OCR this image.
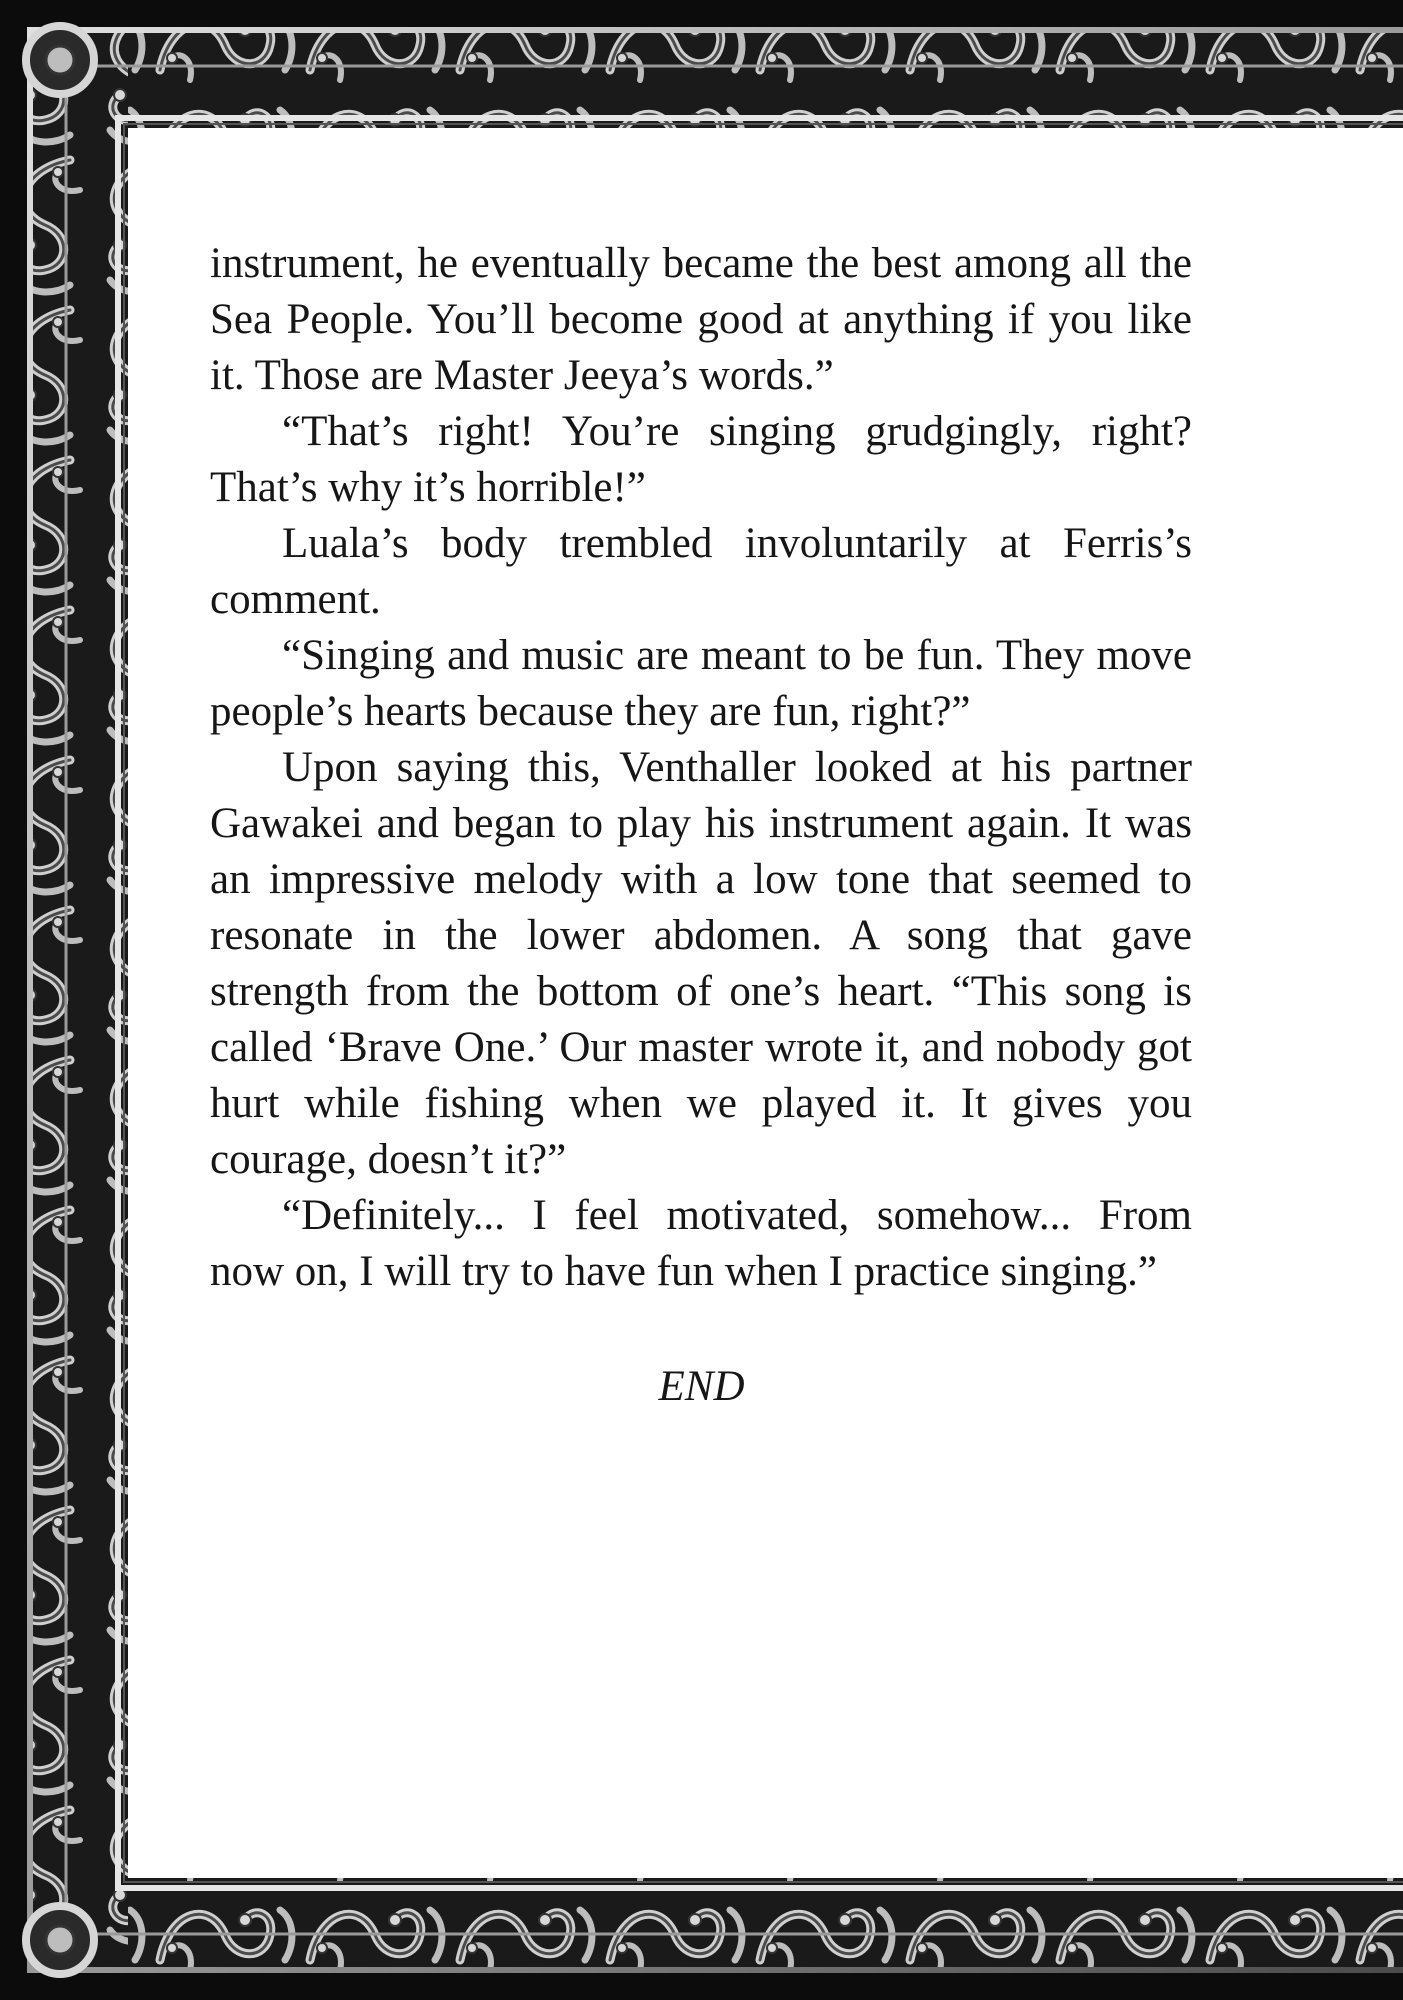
instrument, he eventually became the best among all the Sea People. You’ll become good at anything if you like it. Those are Master Jeeya’s words.”

“That’s right! You’re singing grudgingly, right? That’s why it’s horrible!”

Luala’s body trembled involuntarily at Ferris’s comment.

“Singing and music are meant to be fun. They move people’s hearts because they are fun, right?”

Upon saying this, Venthaller looked at his partner Gawakei and began to play his instrument again. It was an impressive melody with a low tone that seemed to resonate in the lower abdomen. A song that gave strength from the bottom of one’s heart. “This song is called ‘Brave One.’ Our master wrote it, and nobody got hurt while fishing when we played it. It gives you courage, doesn’t it?”

“Definitely... I feel motivated, somehow... From now on, I will try to have fun when I practice singing.”

END
